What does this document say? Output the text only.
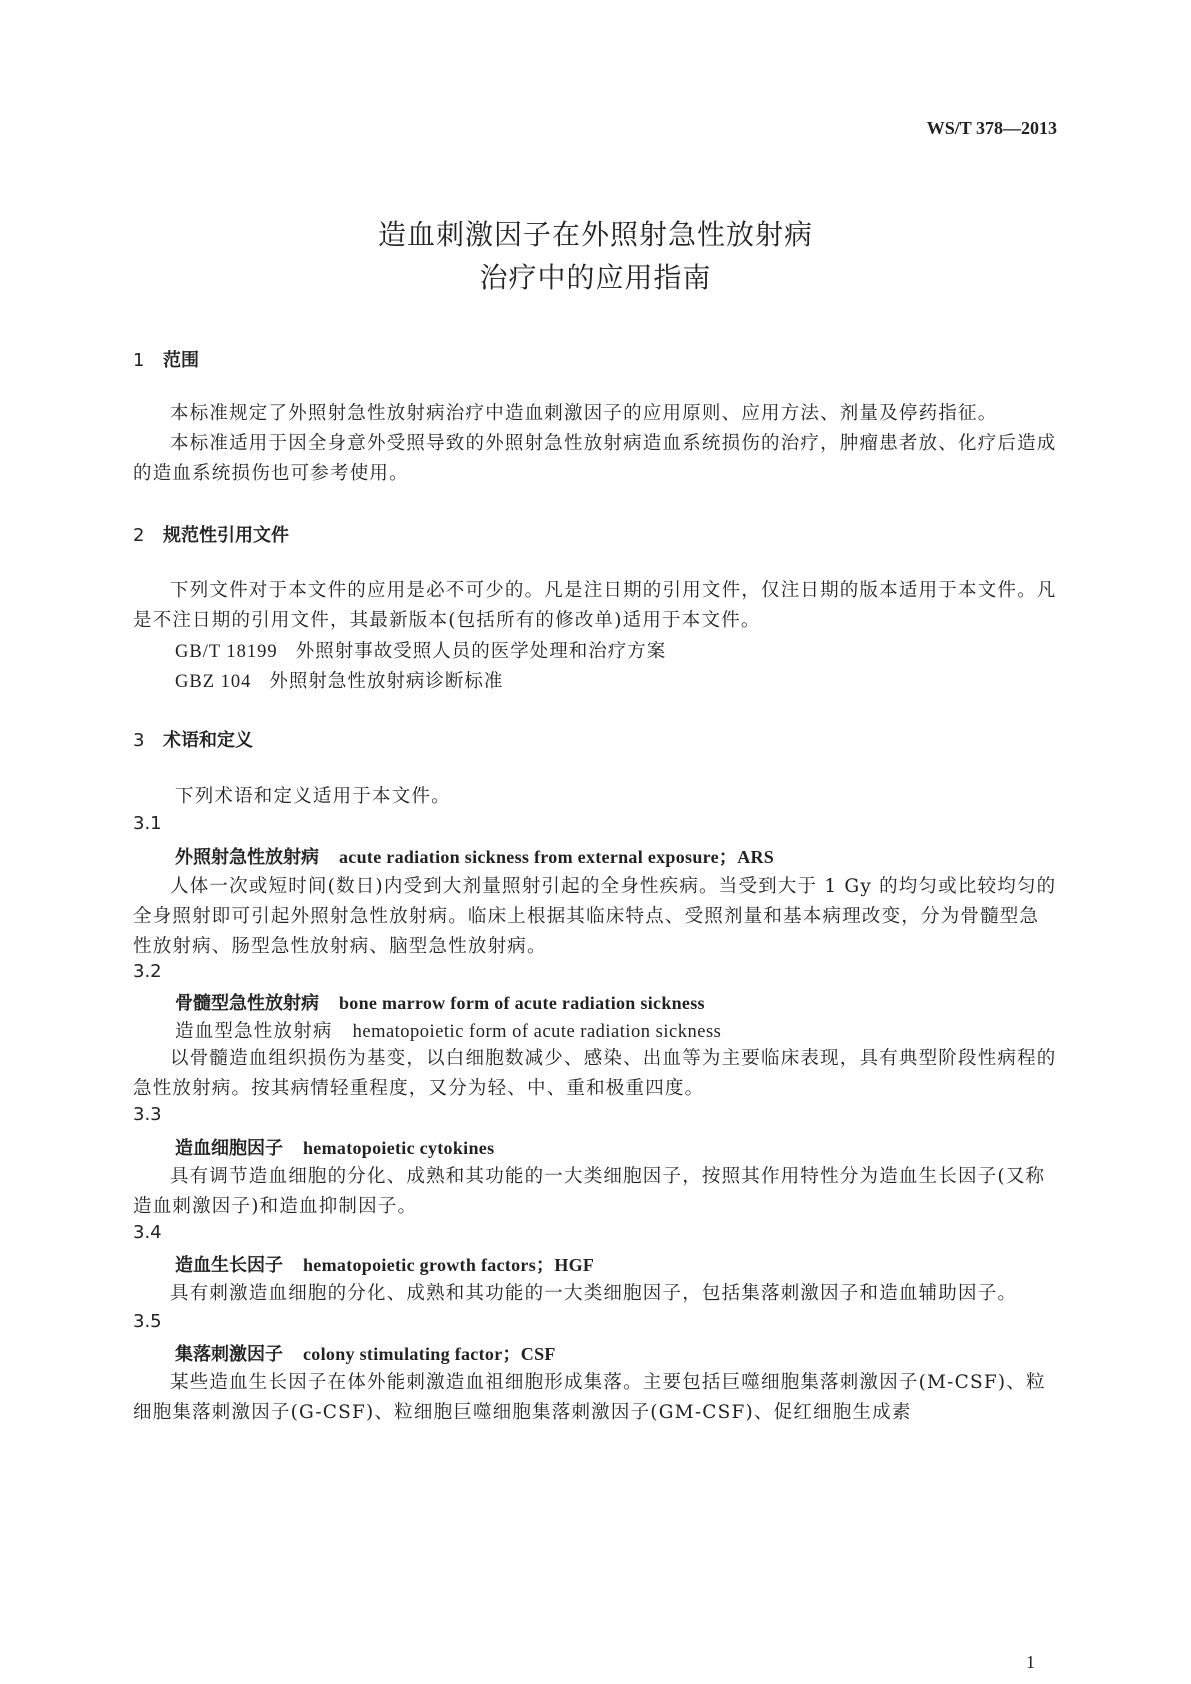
WS/T 378—2013
造血刺激因子在外照射急性放射病
治疗中的应用指南
1 范围
本标准规定了外照射急性放射病治疗中造血刺激因子的应用原则、应用方法、剂量及停药指征。
本标准适用于因全身意外受照导致的外照射急性放射病造血系统损伤的治疗，肿瘤患者放、化疗后造成的造血系统损伤也可参考使用。
2 规范性引用文件
下列文件对于本文件的应用是必不可少的。凡是注日期的引用文件，仅注日期的版本适用于本文件。凡是不注日期的引用文件，其最新版本(包括所有的修改单)适用于本文件。
GB/T 18199 外照射事故受照人员的医学处理和治疗方案
GBZ 104 外照射急性放射病诊断标准
3 术语和定义
下列术语和定义适用于本文件。
3.1
外照射急性放射病 acute radiation sickness from external exposure；ARS
人体一次或短时间(数日)内受到大剂量照射引起的全身性疾病。当受到大于 1 Gy 的均匀或比较均匀的全身照射即可引起外照射急性放射病。临床上根据其临床特点、受照剂量和基本病理改变，分为骨髓型急性放射病、肠型急性放射病、脑型急性放射病。
3.2
骨髓型急性放射病 bone marrow form of acute radiation sickness
造血型急性放射病 hematopoietic form of acute radiation sickness
以骨髓造血组织损伤为基变，以白细胞数减少、感染、出血等为主要临床表现，具有典型阶段性病程的急性放射病。按其病情轻重程度，又分为轻、中、重和极重四度。
3.3
造血细胞因子 hematopoietic cytokines
具有调节造血细胞的分化、成熟和其功能的一大类细胞因子，按照其作用特性分为造血生长因子(又称造血刺激因子)和造血抑制因子。
3.4
造血生长因子 hematopoietic growth factors；HGF
具有刺激造血细胞的分化、成熟和其功能的一大类细胞因子，包括集落刺激因子和造血辅助因子。
3.5
集落刺激因子 colony stimulating factor；CSF
某些造血生长因子在体外能刺激造血祖细胞形成集落。主要包括巨噬细胞集落刺激因子(M-CSF)、粒细胞集落刺激因子(G-CSF)、粒细胞巨噬细胞集落刺激因子(GM-CSF)、促红细胞生成素
1
